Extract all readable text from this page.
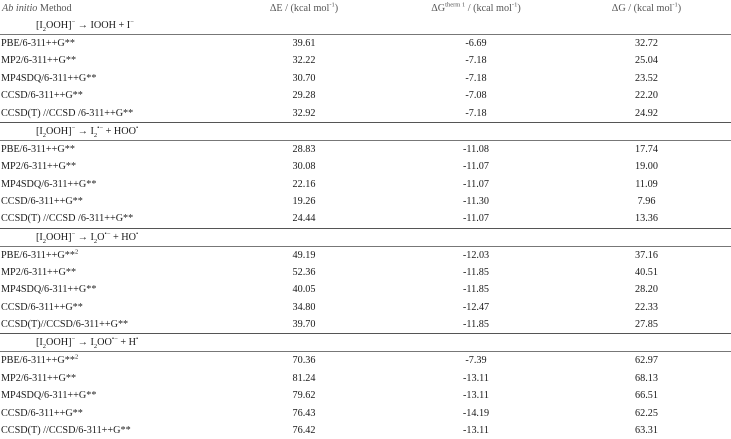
Ab initio Method	ΔE / (kcal mol$^{-1}$)	$\Delta G^{therm 1}$ / (kcal mol$^{-1}$)	ΔG / (kcal mol$^{-1}$)
$[I_2OOH]^-$ → IOOH + I−
PBE/6-311++G**	39.61	-6.69	32.72
MP2/6-311++G**	32.22	-7.18	25.04
MP4SDQ/6-311++G**	30.70	-7.18	23.52
CCSD/6-311++G**	29.28	-7.08	22.20
CCSD(T) //CCSD /6-311++G**	32.92	-7.18	24.92
$[I_2OOH]^- \to I_2^{•-} + HOO^•$
PBE/6-311++G**	28.83	-11.08	17.74
MP2/6-311++G**	30.08	-11.07	19.00
MP4SDQ/6-311++G**	22.16	-11.07	11.09
CCSD/6-311++G**	19.26	-11.30	7.96
CCSD(T) //CCSD /6-311++G**	24.44	-11.07	13.36
$[I_2OOH]^- \to I_2O^{•-} + HO^•$
PBE/6-311++G**$^2$	49.19	-12.03	37.16
MP2/6-311++G**	52.36	-11.85	40.51
MP4SDQ/6-311++G**	40.05	-11.85	28.20
CCSD/6-311++G**	34.80	-12.47	22.33
CCSD(T)//CCSD/6-311++G**	39.70	-11.85	27.85
$[I_2OOH]^- \to I_2OO^{•-} + H^•$
PBE/6-311++G**$^2$	70.36	-7.39	62.97
MP2/6-311++G**	81.24	-13.11	68.13
MP4SDQ/6-311++G**	79.62	-13.11	66.51
CCSD/6-311++G**	76.43	-14.19	62.25
CCSD(T) //CCSD/6-311++G**	76.42	-13.11	63.31
